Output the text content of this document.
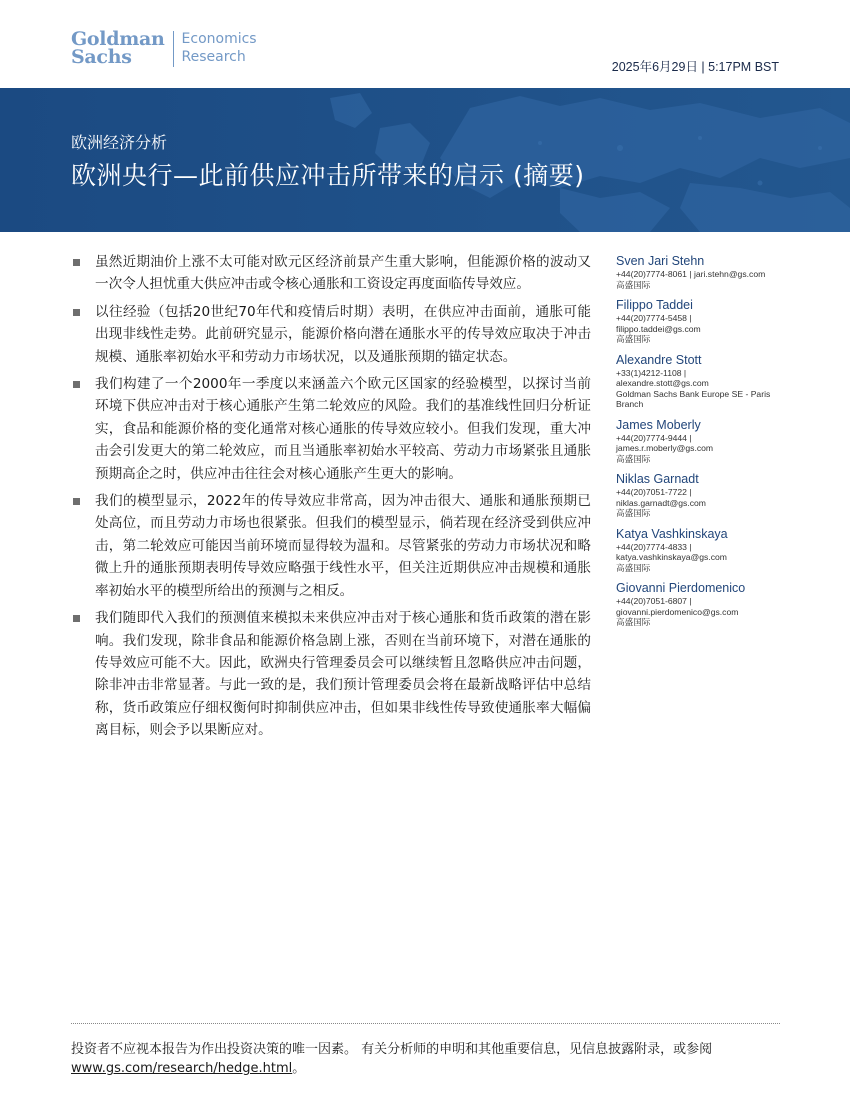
Goldman
Sachs
Economics
Research
2025年6月29日 | 5:17PM BST
欧洲经济分析
欧洲央行—此前供应冲击所带来的启示 (摘要)
虽然近期油价上涨不太可能对欧元区经济前景产生重大影响，但能源价格的波动又一次令人担忧重大供应冲击或令核心通胀和工资设定再度面临传导效应。
以往经验（包括20世纪70年代和疫情后时期）表明，在供应冲击面前，通胀可能出现非线性走势。此前研究显示，能源价格向潜在通胀水平的传导效应取决于冲击规模、通胀率初始水平和劳动力市场状况，以及通胀预期的锚定状态。
我们构建了一个2000年一季度以来涵盖六个欧元区国家的经验模型，以探讨当前环境下供应冲击对于核心通胀产生第二轮效应的风险。我们的基准线性回归分析证实，食品和能源价格的变化通常对核心通胀的传导效应较小。但我们发现，重大冲击会引发更大的第二轮效应，而且当通胀率初始水平较高、劳动力市场紧张且通胀预期高企之时，供应冲击往往会对核心通胀产生更大的影响。
我们的模型显示，2022年的传导效应非常高，因为冲击很大、通胀和通胀预期已处高位，而且劳动力市场也很紧张。但我们的模型显示，倘若现在经济受到供应冲击，第二轮效应可能因当前环境而显得较为温和。尽管紧张的劳动力市场状况和略微上升的通胀预期表明传导效应略强于线性水平，但关注近期供应冲击规模和通胀率初始水平的模型所给出的预测与之相反。
我们随即代入我们的预测值来模拟未来供应冲击对于核心通胀和货币政策的潜在影响。我们发现，除非食品和能源价格急剧上涨，否则在当前环境下，对潜在通胀的传导效应可能不大。因此，欧洲央行管理委员会可以继续暂且忽略供应冲击问题，除非冲击非常显著。与此一致的是，我们预计管理委员会将在最新战略评估中总结称，货币政策应仔细权衡何时抑制供应冲击，但如果非线性传导致使通胀率大幅偏离目标，则会予以果断应对。
Sven Jari Stehn
+44(20)7774-8061 | jari.stehn@gs.com
高盛国际
Filippo Taddei
+44(20)7774-5458 |
filippo.taddei@gs.com
高盛国际
Alexandre Stott
+33(1)4212-1108 |
alexandre.stott@gs.com
Goldman Sachs Bank Europe SE - Paris Branch
James Moberly
+44(20)7774-9444 |
james.r.moberly@gs.com
高盛国际
Niklas Garnadt
+44(20)7051-7722 |
niklas.garnadt@gs.com
高盛国际
Katya Vashkinskaya
+44(20)7774-4833 |
katya.vashkinskaya@gs.com
高盛国际
Giovanni Pierdomenico
+44(20)7051-6807 |
giovanni.pierdomenico@gs.com
高盛国际
投资者不应视本报告为作出投资决策的唯一因素。 有关分析师的申明和其他重要信息，见信息披露附录，或参阅
www.gs.com/research/hedge.html。
